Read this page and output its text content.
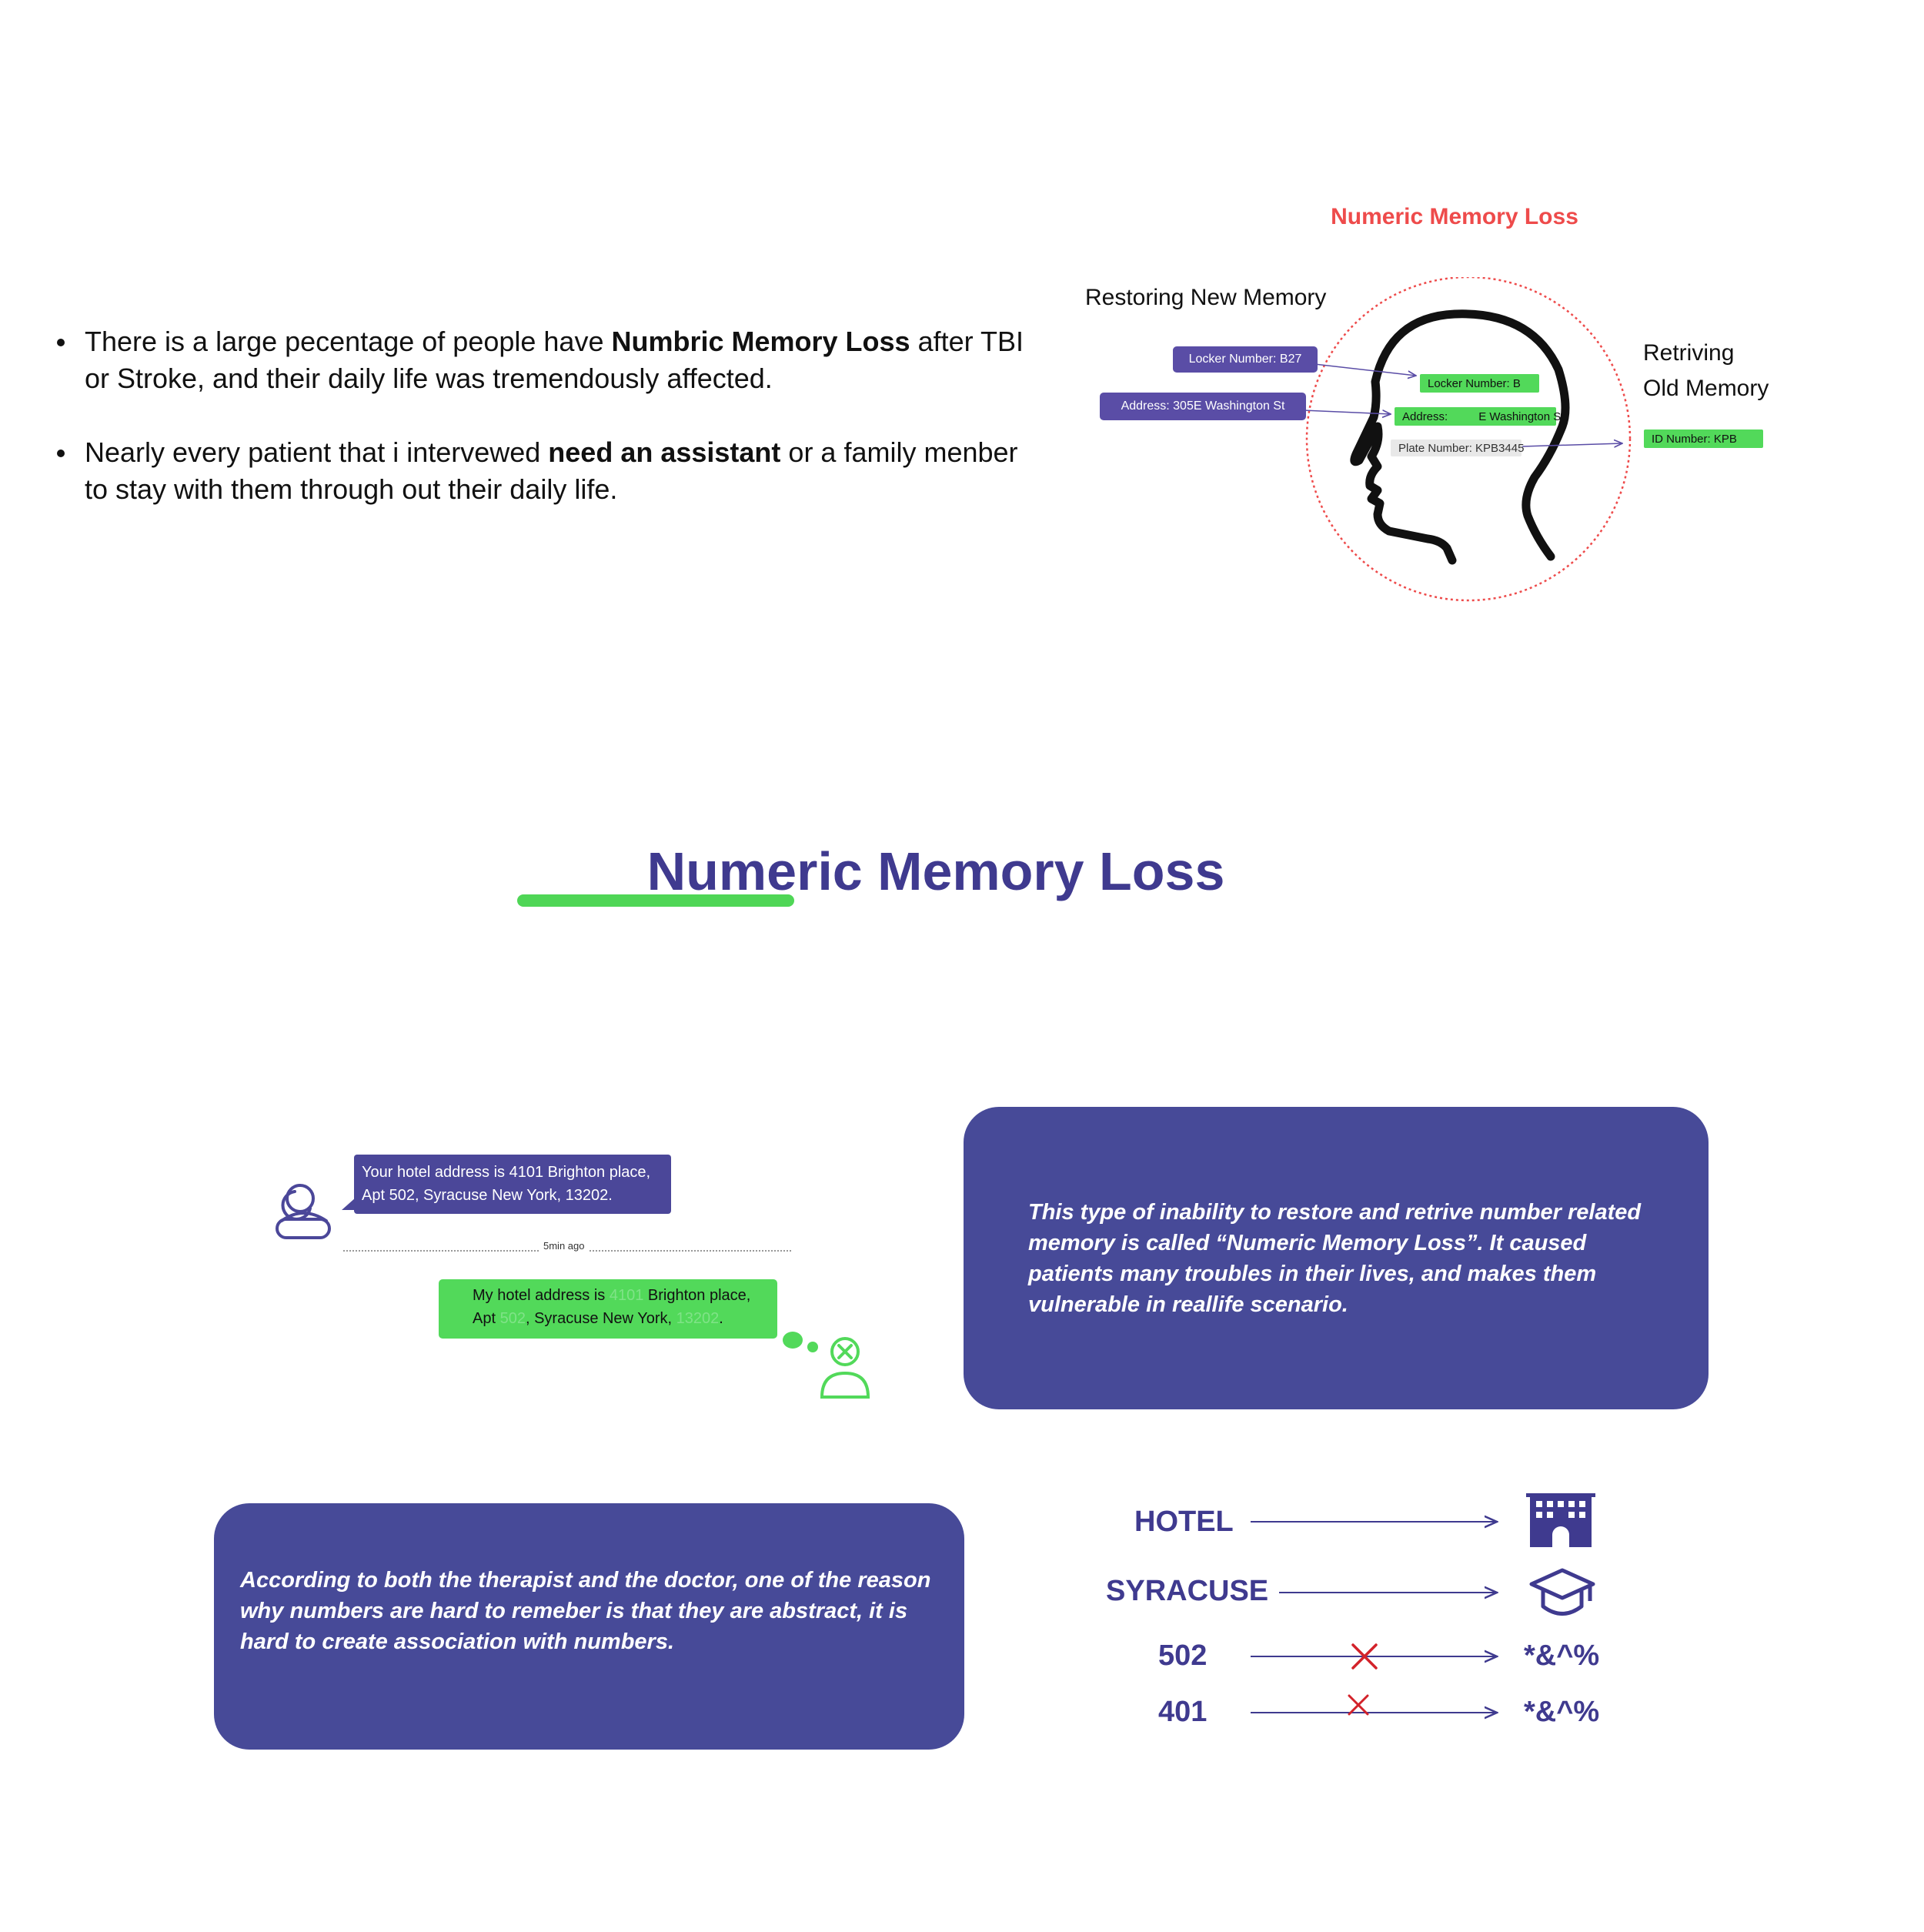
There is a large pecentage of people have Numbric Memory Loss after TBI or Stroke, and their daily life was tremendously affected.
Nearly every patient that i intervewed need an assistant or a family menber to stay with them through out their daily life.
Numeric Memory Loss
Restoring New Memory
Retriving
Old Memory
Locker Number: B27
Address: 305E Washington St
Locker Number: B
Address:	E Washington St
Plate Number: KPB3445
ID Number: KPB
Numeric Memory Loss
Your hotel address is 4101 Brighton place,
Apt 502, Syracuse New York, 13202.
5min ago
My hotel address is 4101 Brighton place,
Apt 502, Syracuse New York, 13202.
This type of inability to restore and retrive number related memory is called “Numeric Memory Loss”. It caused patients many troubles in their lives, and makes them vulnerable in reallife scenario.
According to both the therapist and the doctor, one of the reason why numbers are hard to remeber is that they are abstract, it is hard to create association with numbers.
HOTEL
SYRACUSE
502
401
*&^%
*&^%
